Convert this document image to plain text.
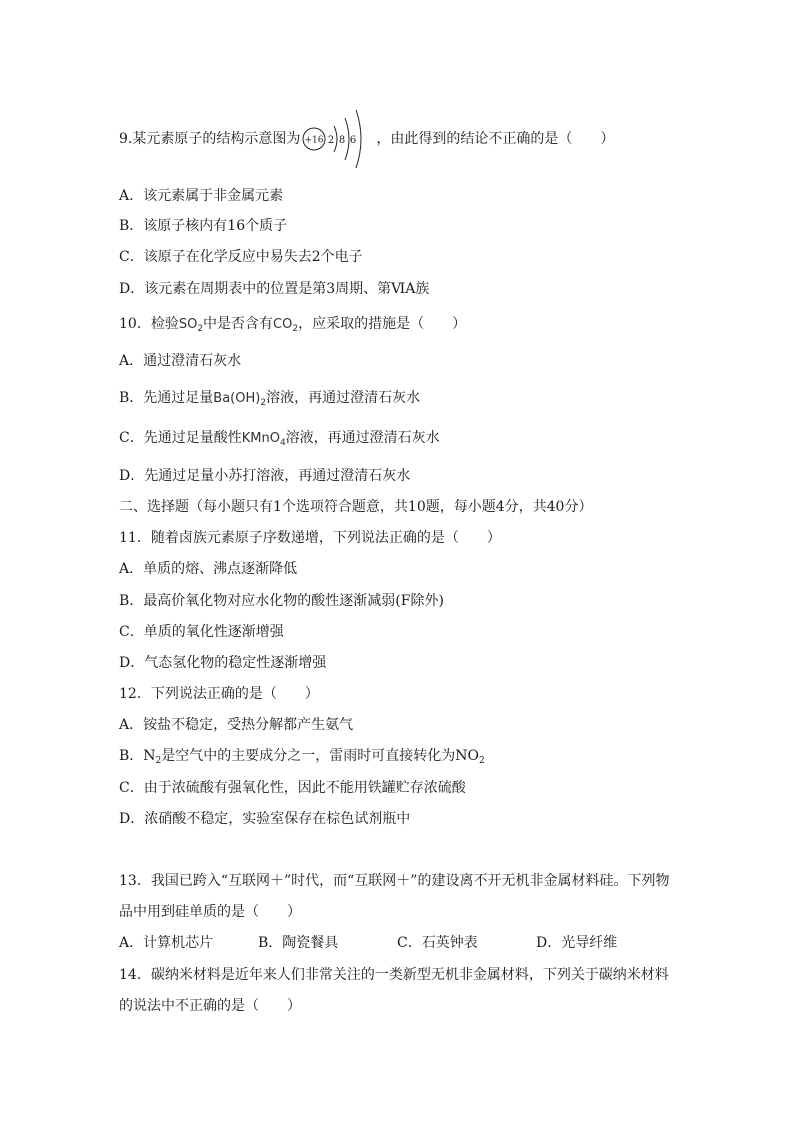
9.某元素原子的结构示意图为 +16 2 8 6 ，由此得到的结论不正确的是（　　）
A．该元素属于非金属元素
B．该原子核内有16个质子
C．该原子在化学反应中易失去2个电子
D．该元素在周期表中的位置是第3周期、第ⅥA族
10．检验$SO_2$中是否含有$CO_2$，应采取的措施是（　　）
A．通过澄清石灰水
B．先通过足量$Ba(OH)_2$溶液，再通过澄清石灰水
C．先通过足量酸性KMnO$_4$溶液，再通过澄清石灰水
D．先通过足量小苏打溶液，再通过澄清石灰水
二、选择题（每小题只有1个选项符合题意，共10题，每小题4分，共40分）
11．随着卤族元素原子序数递增，下列说法正确的是（　　）
A．单质的熔、沸点逐渐降低
B．最高价氧化物对应水化物的酸性逐渐减弱(F除外)
C．单质的氧化性逐渐增强
D．气态氢化物的稳定性逐渐增强
12．下列说法正确的是（　　）
A．铵盐不稳定，受热分解都产生氨气
B．$N_2$是空气中的主要成分之一，雷雨时可直接转化为$NO_2$
C．由于浓硫酸有强氧化性，因此不能用铁罐贮存浓硫酸
D．浓硝酸不稳定，实验室保存在棕色试剂瓶中
13．我国已跨入“互联网＋”时代，而“互联网＋”的建设离不开无机非金属材料硅。下列物
品中用到硅单质的是（　　）
A．计算机芯片	B．陶瓷餐具	C．石英钟表	D．光导纤维
14．碳纳米材料是近年来人们非常关注的一类新型无机非金属材料，下列关于碳纳米材料
的说法中不正确的是（　　）
